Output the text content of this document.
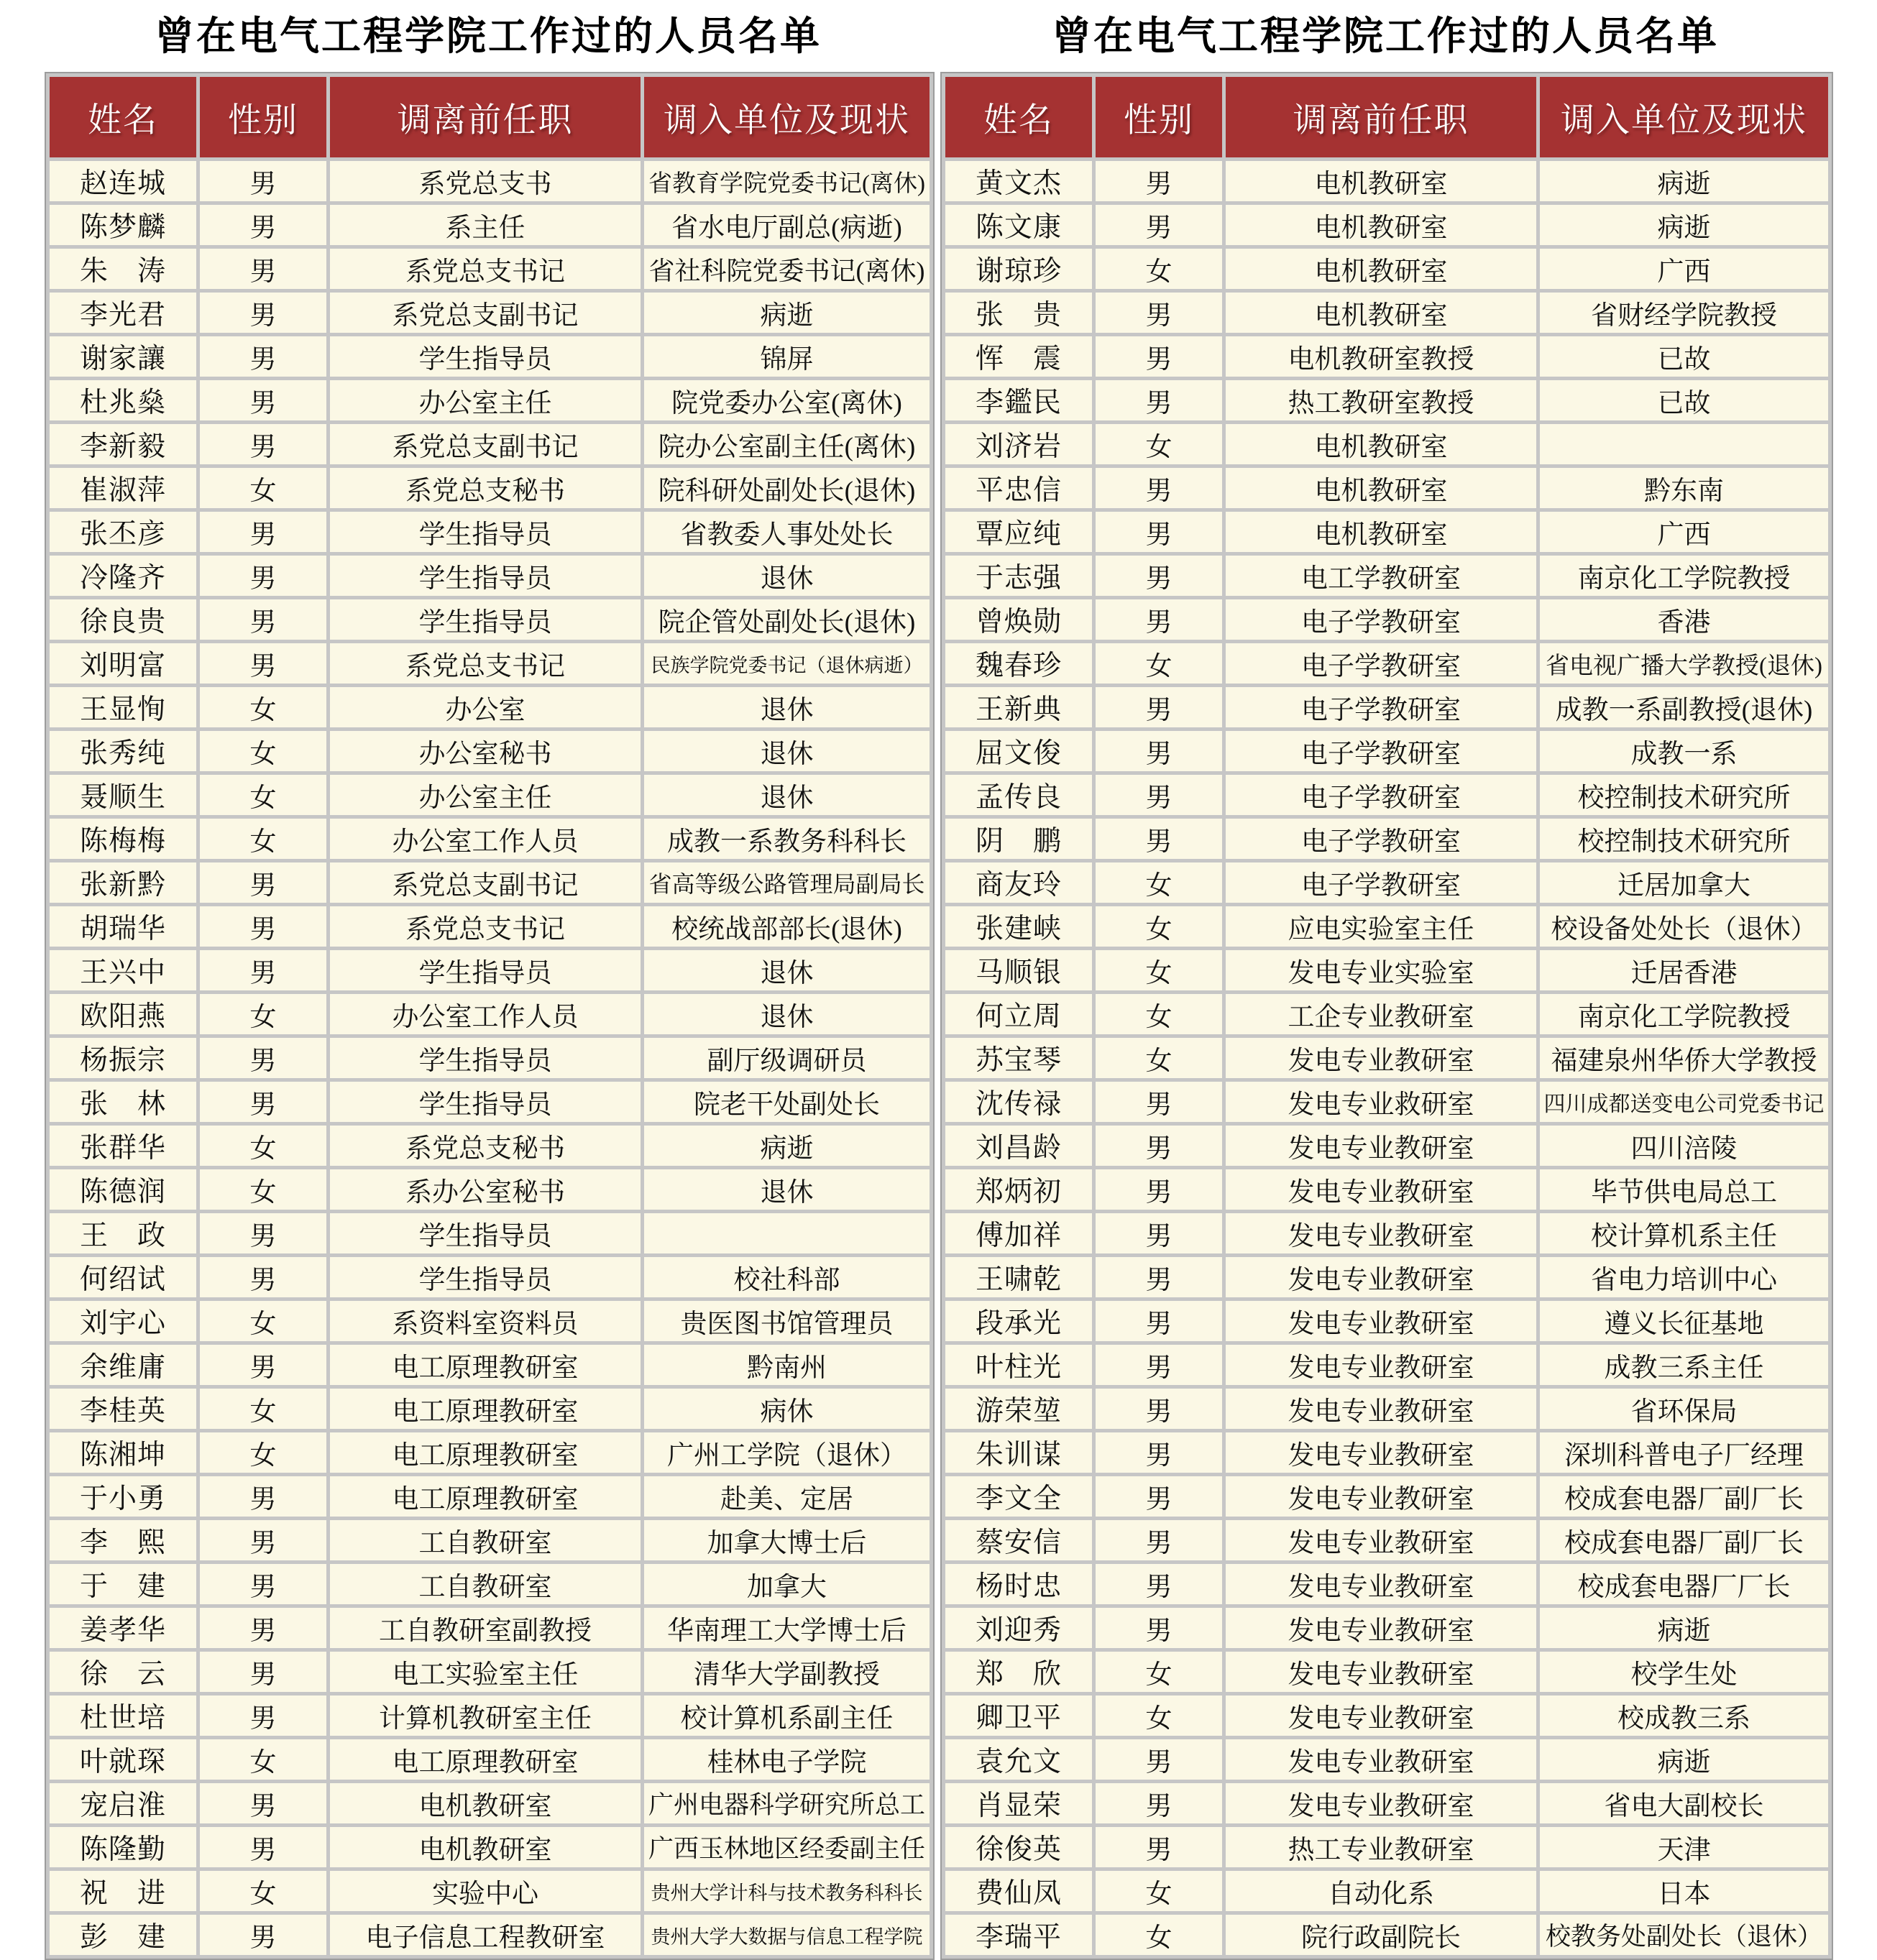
曾在电气工程学院工作过的人员名单
姓名	性别	调离前任职	调入单位及现状
赵连城	男	系党总支书	省教育学院党委书记(离休)
陈梦麟	男	系主任	省水电厅副总(病逝)
朱　涛	男	系党总支书记	省社科院党委书记(离休)
李光君	男	系党总支副书记	病逝
谢家讓	男	学生指导员	锦屏
杜兆燊	男	办公室主任	院党委办公室(离休)
李新毅	男	系党总支副书记	院办公室副主任(离休)
崔淑萍	女	系党总支秘书	院科研处副处长(退休)
张丕彦	男	学生指导员	省教委人事处处长
冷隆齐	男	学生指导员	退休
徐良贵	男	学生指导员	院企管处副处长(退休)
刘明富	男	系党总支书记	民族学院党委书记（退休病逝）
王显恂	女	办公室	退休
张秀纯	女	办公室秘书	退休
聂顺生	女	办公室主任	退休
陈梅梅	女	办公室工作人员	成教一系教务科科长
张新黔	男	系党总支副书记	省高等级公路管理局副局长
胡瑞华	男	系党总支书记	校统战部部长(退休)
王兴中	男	学生指导员	退休
欧阳燕	女	办公室工作人员	退休
杨振宗	男	学生指导员	副厅级调研员
张　林	男	学生指导员	院老干处副处长
张群华	女	系党总支秘书	病逝
陈德润	女	系办公室秘书	退休
王　政	男	学生指导员	
何绍试	男	学生指导员	校社科部
刘宇心	女	系资料室资料员	贵医图书馆管理员
余维庸	男	电工原理教研室	黔南州
李桂英	女	电工原理教研室	病休
陈湘坤	女	电工原理教研室	广州工学院（退休）
于小勇	男	电工原理教研室	赴美、定居
李　熙	男	工自教研室	加拿大博士后
于　建	男	工自教研室	加拿大
姜孝华	男	工自教研室副教授	华南理工大学博士后
徐　云	男	电工实验室主任	清华大学副教授
杜世培	男	计算机教研室主任	校计算机系副主任
叶就琛	女	电工原理教研室	桂林电子学院
宠启淮	男	电机教研室	广州电器科学研究所总工
陈隆勤	男	电机教研室	广西玉林地区经委副主任
祝　进	女	实验中心	贵州大学计科与技术教务科科长
彭　建	男	电子信息工程教研室	贵州大学大数据与信息工程学院
曾在电气工程学院工作过的人员名单
姓名	性别	调离前任职	调入单位及现状
黄文杰	男	电机教研室	病逝
陈文康	男	电机教研室	病逝
谢琼珍	女	电机教研室	广西
张　贵	男	电机教研室	省财经学院教授
恽　震	男	电机教研室教授	已故
李鑑民	男	热工教研室教授	已故
刘济岩	女	电机教研室	
平忠信	男	电机教研室	黔东南
覃应纯	男	电机教研室	广西
于志强	男	电工学教研室	南京化工学院教授
曾焕勋	男	电子学教研室	香港
魏春珍	女	电子学教研室	省电视广播大学教授(退休)
王新典	男	电子学教研室	成教一系副教授(退休)
屈文俊	男	电子学教研室	成教一系
孟传良	男	电子学教研室	校控制技术研究所
阴　鹏	男	电子学教研室	校控制技术研究所
商友玲	女	电子学教研室	迁居加拿大
张建峡	女	应电实验室主任	校设备处处长（退休）
马顺银	女	发电专业实验室	迁居香港
何立周	女	工企专业教研室	南京化工学院教授
苏宝琴	女	发电专业教研室	福建泉州华侨大学教授
沈传禄	男	发电专业救研室	四川成都送变电公司党委书记
刘昌龄	男	发电专业教研室	四川涪陵
郑炳初	男	发电专业教研室	毕节供电局总工
傅加祥	男	发电专业教研室	校计算机系主任
王啸乾	男	发电专业教研室	省电力培训中心
段承光	男	发电专业教研室	遵义长征基地
叶柱光	男	发电专业教研室	成教三系主任
游荣堃	男	发电专业教研室	省环保局
朱训谋	男	发电专业教研室	深圳科普电子厂经理
李文全	男	发电专业教研室	校成套电器厂副厂长
蔡安信	男	发电专业教研室	校成套电器厂副厂长
杨时忠	男	发电专业教研室	校成套电器厂厂长
刘迎秀	男	发电专业教研室	病逝
郑　欣	女	发电专业教研室	校学生处
卿卫平	女	发电专业教研室	校成教三系
袁允文	男	发电专业教研室	病逝
肖显荣	男	发电专业教研室	省电大副校长
徐俊英	男	热工专业教研室	天津
费仙凤	女	自动化系	日本
李瑞平	女	院行政副院长	校教务处副处长（退休）
